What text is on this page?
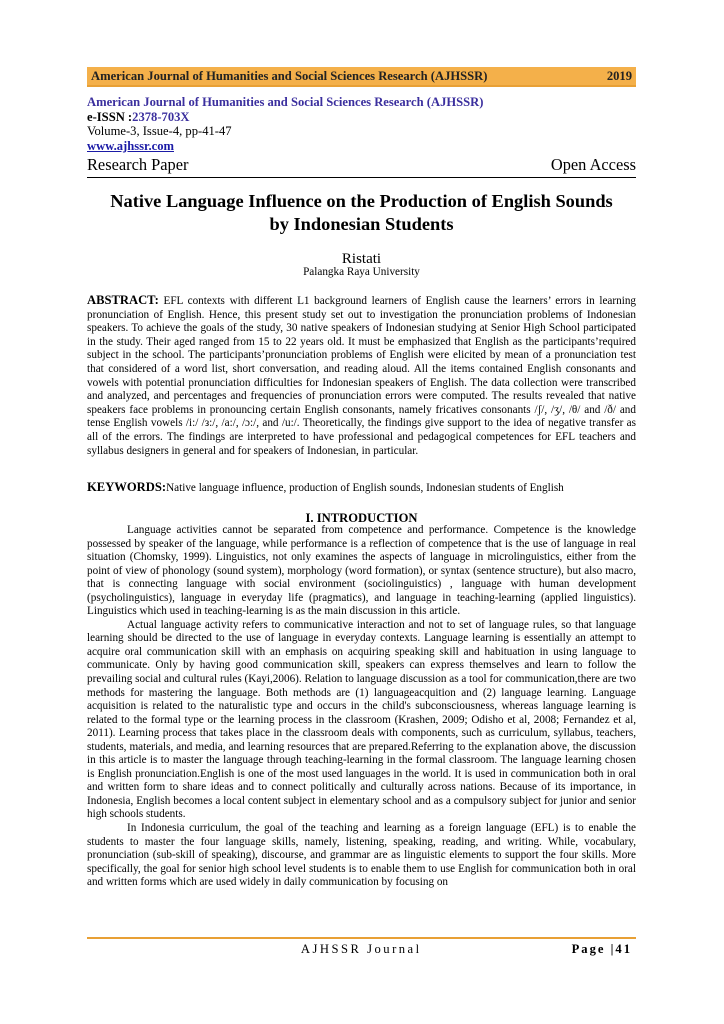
American Journal of Humanities and Social Sciences Research (AJHSSR)	2019
American Journal of Humanities and Social Sciences Research (AJHSSR)
e-ISSN :2378-703X
Volume-3, Issue-4, pp-41-47
www.ajhssr.com
Research Paper	Open Access
Native Language Influence on the Production of English Sounds
by Indonesian Students
Ristati
Palangka Raya University
ABSTRACT: EFL contexts with different L1 background learners of English cause the learners’ errors in learning pronunciation of English. Hence, this present study set out to investigation the pronunciation problems of Indonesian speakers. To achieve the goals of the study, 30 native speakers of Indonesian studying at Senior High School participated in the study. Their aged ranged from 15 to 22 years old. It must be emphasized that English as the participants’required subject in the school. The participants’pronunciation problems of English were elicited by mean of a pronunciation test that considered of a word list, short conversation, and reading aloud. All the items contained English consonants and vowels with potential pronunciation difficulties for Indonesian speakers of English. The data collection were transcribed and analyzed, and percentages and frequencies of pronunciation errors were computed. The results revealed that native speakers face problems in pronouncing certain English consonants, namely fricatives consonants /ʃ/, /ʒ/, /θ/ and /ð/ and tense English vowels /i:/ /з:/, /a:/, /ɔ:/, and /u:/. Theoretically, the findings give support to the idea of negative transfer as all of the errors. The findings are interpreted to have professional and pedagogical competences for EFL teachers and syllabus designers in general and for speakers of Indonesian, in particular.
KEYWORDS:Native language influence, production of English sounds, Indonesian students of English
I. INTRODUCTION

Language activities cannot be separated from competence and performance. Competence is the knowledge possessed by speaker of the language, while performance is a reflection of competence that is the use of language in real situation (Chomsky, 1999). Linguistics, not only examines the aspects of language in microlinguistics, either from the point of view of phonology (sound system), morphology (word formation), or syntax (sentence structure), but also macro, that is connecting language with social environment (sociolinguistics) , language with human development (psycholinguistics), language in everyday life (pragmatics), and language in teaching-learning (applied linguistics). Linguistics which used in teaching-learning is as the main discussion in this article.

Actual language activity refers to communicative interaction and not to set of language rules, so that language learning should be directed to the use of language in everyday contexts. Language learning is essentially an attempt to acquire oral communication skill with an emphasis on acquiring speaking skill and habituation in using language to communicate. Only by having good communication skill, speakers can express themselves and learn to follow the prevailing social and cultural rules (Kayi,2006). Relation to language discussion as a tool for communication,there are two methods for mastering the language. Both methods are (1) languageacquition and (2) language learning. Language acquisition is related to the naturalistic type and occurs in the child's subconsciousness, whereas language learning is related to the formal type or the learning process in the classroom (Krashen, 2009; Odisho et al, 2008; Fernandez et al, 2011). Learning process that takes place in the classroom deals with components, such as curriculum, syllabus, teachers, students, materials, and media, and learning resources that are prepared.Referring to the explanation above, the discussion in this article is to master the language through teaching-learning in the formal classroom. The language learning chosen is English pronunciation.English is one of the most used languages in the world. It is used in communication both in oral and written form to share ideas and to connect politically and culturally across nations. Because of its importance, in Indonesia, English becomes a local content subject in elementary school and as a compulsory subject for junior and senior high schools students.

In Indonesia curriculum, the goal of the teaching and learning as a foreign language (EFL) is to enable the students to master the four language skills, namely, listening, speaking, reading, and writing. While, vocabulary, pronunciation (sub-skill of speaking), discourse, and grammar are as linguistic elements to support the four skills. More specifically, the goal for senior high school level students is to enable them to use English for communication both in oral and written forms which are used widely in daily communication by focusing on

AJHSSR Journal	Page |41
